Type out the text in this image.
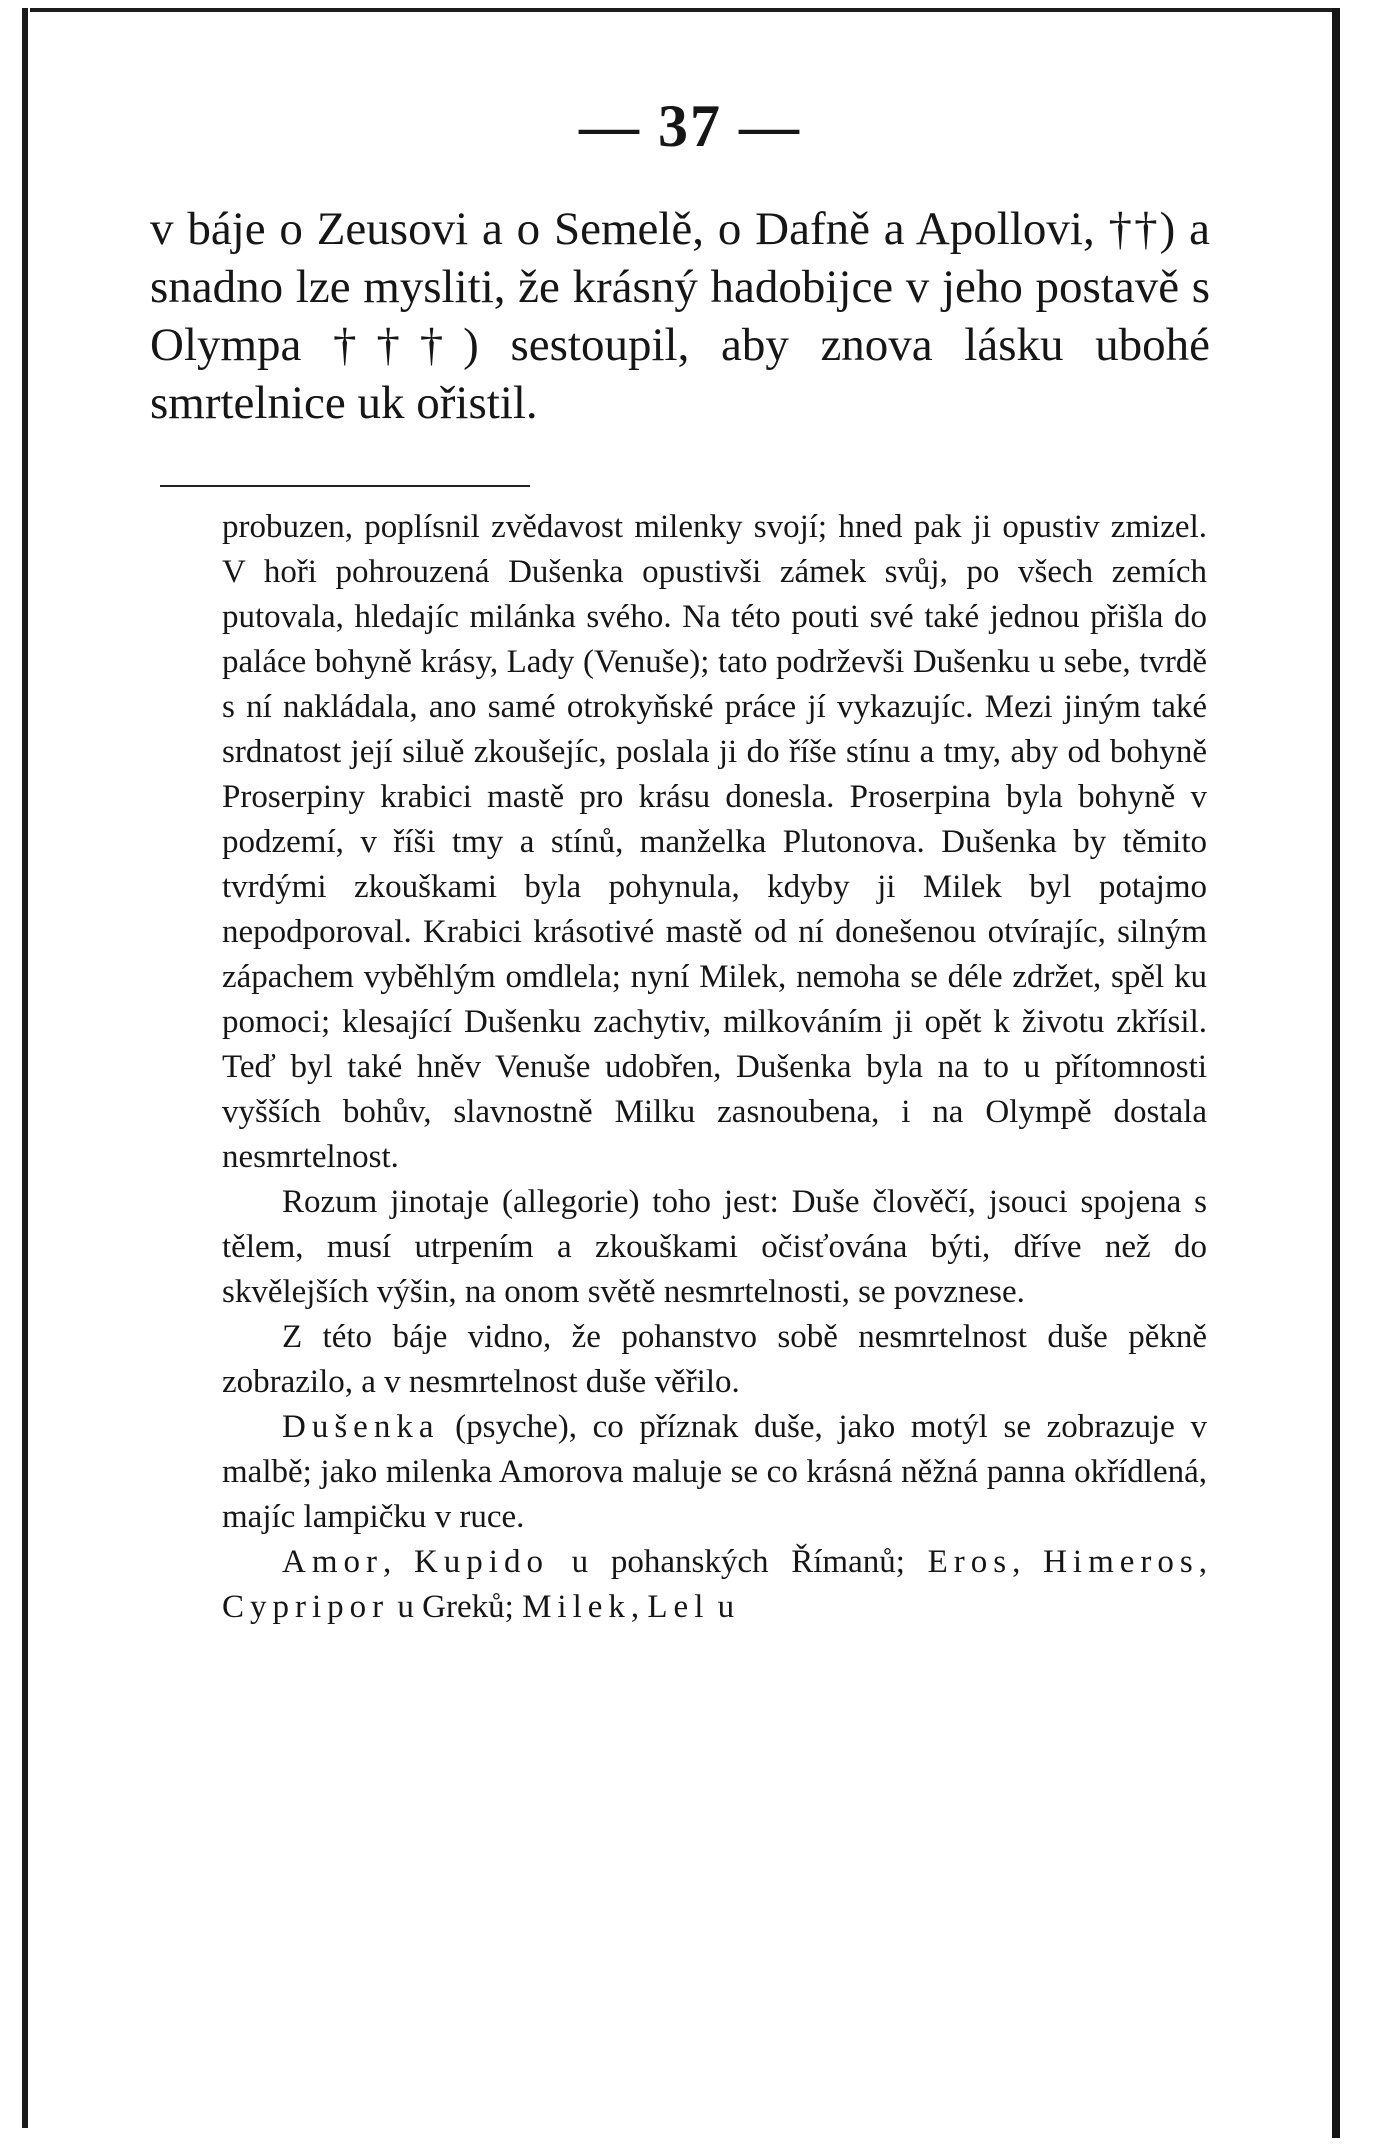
— 37 —

v báje o Zeusovi a o Semelě, o Dafně a Apollovi, ††) a snadno lze mysliti, že krásný hadobijce v jeho postavě s Olympa †††) sestoupil, aby znova lásku ubohé smrtelnice uk ořistil.

probuzen, poplísnil zvědavost milenky svojí; hned pak ji opustiv zmizel. V hoři pohrouzená Dušenka opustivši zámek svůj, po všech zemích putovala, hledajíc milánka svého. Na této pouti své také jednou přišla do paláce bohyně krásy, Lady (Venuše); tato podrževši Dušenku u sebe, tvrdě s ní nakládala, ano samé otrokyňské práce jí vykazujíc. Mezi jiným také srdnatost její siluě zkoušejíc, poslala ji do říše stínu a tmy, aby od bohyně Proserpiny krabici mastě pro krásu donesla. Proserpina byla bohyně v podzemí, v říši tmy a stínů, manželka Plutonova. Dušenka by těmito tvrdými zkouškami byla pohynula, kdyby ji Milek byl potajmo nepodporoval. Krabici krásotivé mastě od ní donešenou otvírajíc, silným zápachem vyběhlým omdlela; nyní Milek, nemoha se déle zdržet, spěl ku pomoci; klesající Dušenku zachytiv, milkováním ji opět k životu zkřísil. Teď byl také hněv Venuše udobřen, Dušenka byla na to u přítomnosti vyšších bohův, slavnostně Milku zasnoubena, i na Olympě dostala nesmrtelnost.

Rozum jinotaje (allegorie) toho jest: Duše člověčí, jsouci spojena s tělem, musí utrpením a zkouškami očisťována býti, dříve než do skvělejších výšin, na onom světě nesmrtelnosti, se povznese.

Z této báje vidno, že pohanstvo sobě nesmrtelnost duše pěkně zobrazilo, a v nesmrtelnost duše věřilo.

Dušenka (psyche), co příznak duše, jako motýl se zobrazuje v malbě; jako milenka Amorova maluje se co krásná něžná panna okřídlená, majíc lampičku v ruce.

Amor, Kupido u pohanských Římanů; Eros, Himeros, Cypripor u Greků; Milek, Lel u
